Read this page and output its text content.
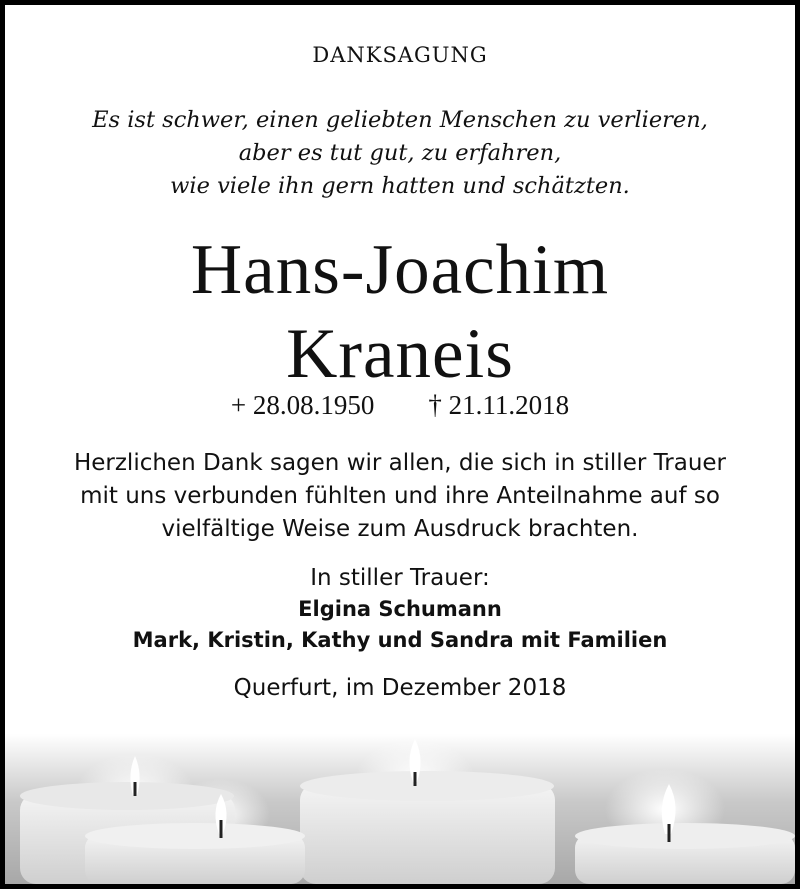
DANKSAGUNG
Es ist schwer, einen geliebten Menschen zu verlieren,
aber es tut gut, zu erfahren,
wie viele ihn gern hatten und schätzten.
Hans-Joachim
Kraneis
+ 28.08.1950 † 21.11.2018
Herzlichen Dank sagen wir allen, die sich in stiller Trauer
mit uns verbunden fühlten und ihre Anteilnahme auf so
vielfältige Weise zum Ausdruck brachten.
In stiller Trauer:
Elgina Schumann
Mark, Kristin, Kathy und Sandra mit Familien
Querfurt, im Dezember 2018
